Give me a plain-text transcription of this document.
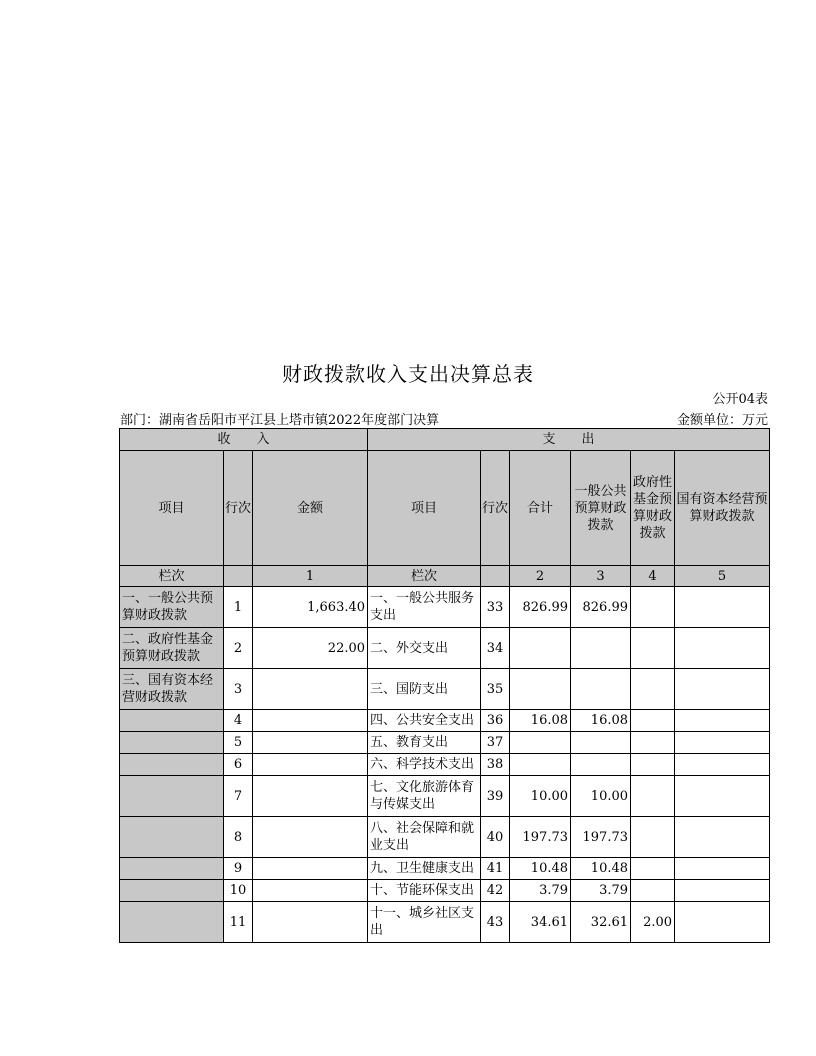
财政拨款收入支出决算总表
公开04表
部门：湖南省岳阳市平江县上塔市镇2022年度部门决算	金额单位：万元
收　　入			支　　出					
项目	行次	金额	项目	行次	合计	一般公共预算财政拨款	政府性基金预算财政拨款	国有资本经营预算财政拨款
栏次		1	栏次		2	3	4	5
一、一般公共预算财政拨款	1	1,663.40	一、一般公共服务支出	33	826.99	826.99		
二、政府性基金预算财政拨款	2	22.00	二、外交支出	34				
三、国有资本经营财政拨款	3		三、国防支出	35				
	4		四、公共安全支出	36	16.08	16.08		
	5		五、教育支出	37				
	6		六、科学技术支出	38				
	7		七、文化旅游体育与传媒支出	39	10.00	10.00		
	8		八、社会保障和就业支出	40	197.73	197.73		
	9		九、卫生健康支出	41	10.48	10.48		
	10		十、节能环保支出	42	3.79	3.79		
	11		十一、城乡社区支出	43	34.61	32.61	2.00	
